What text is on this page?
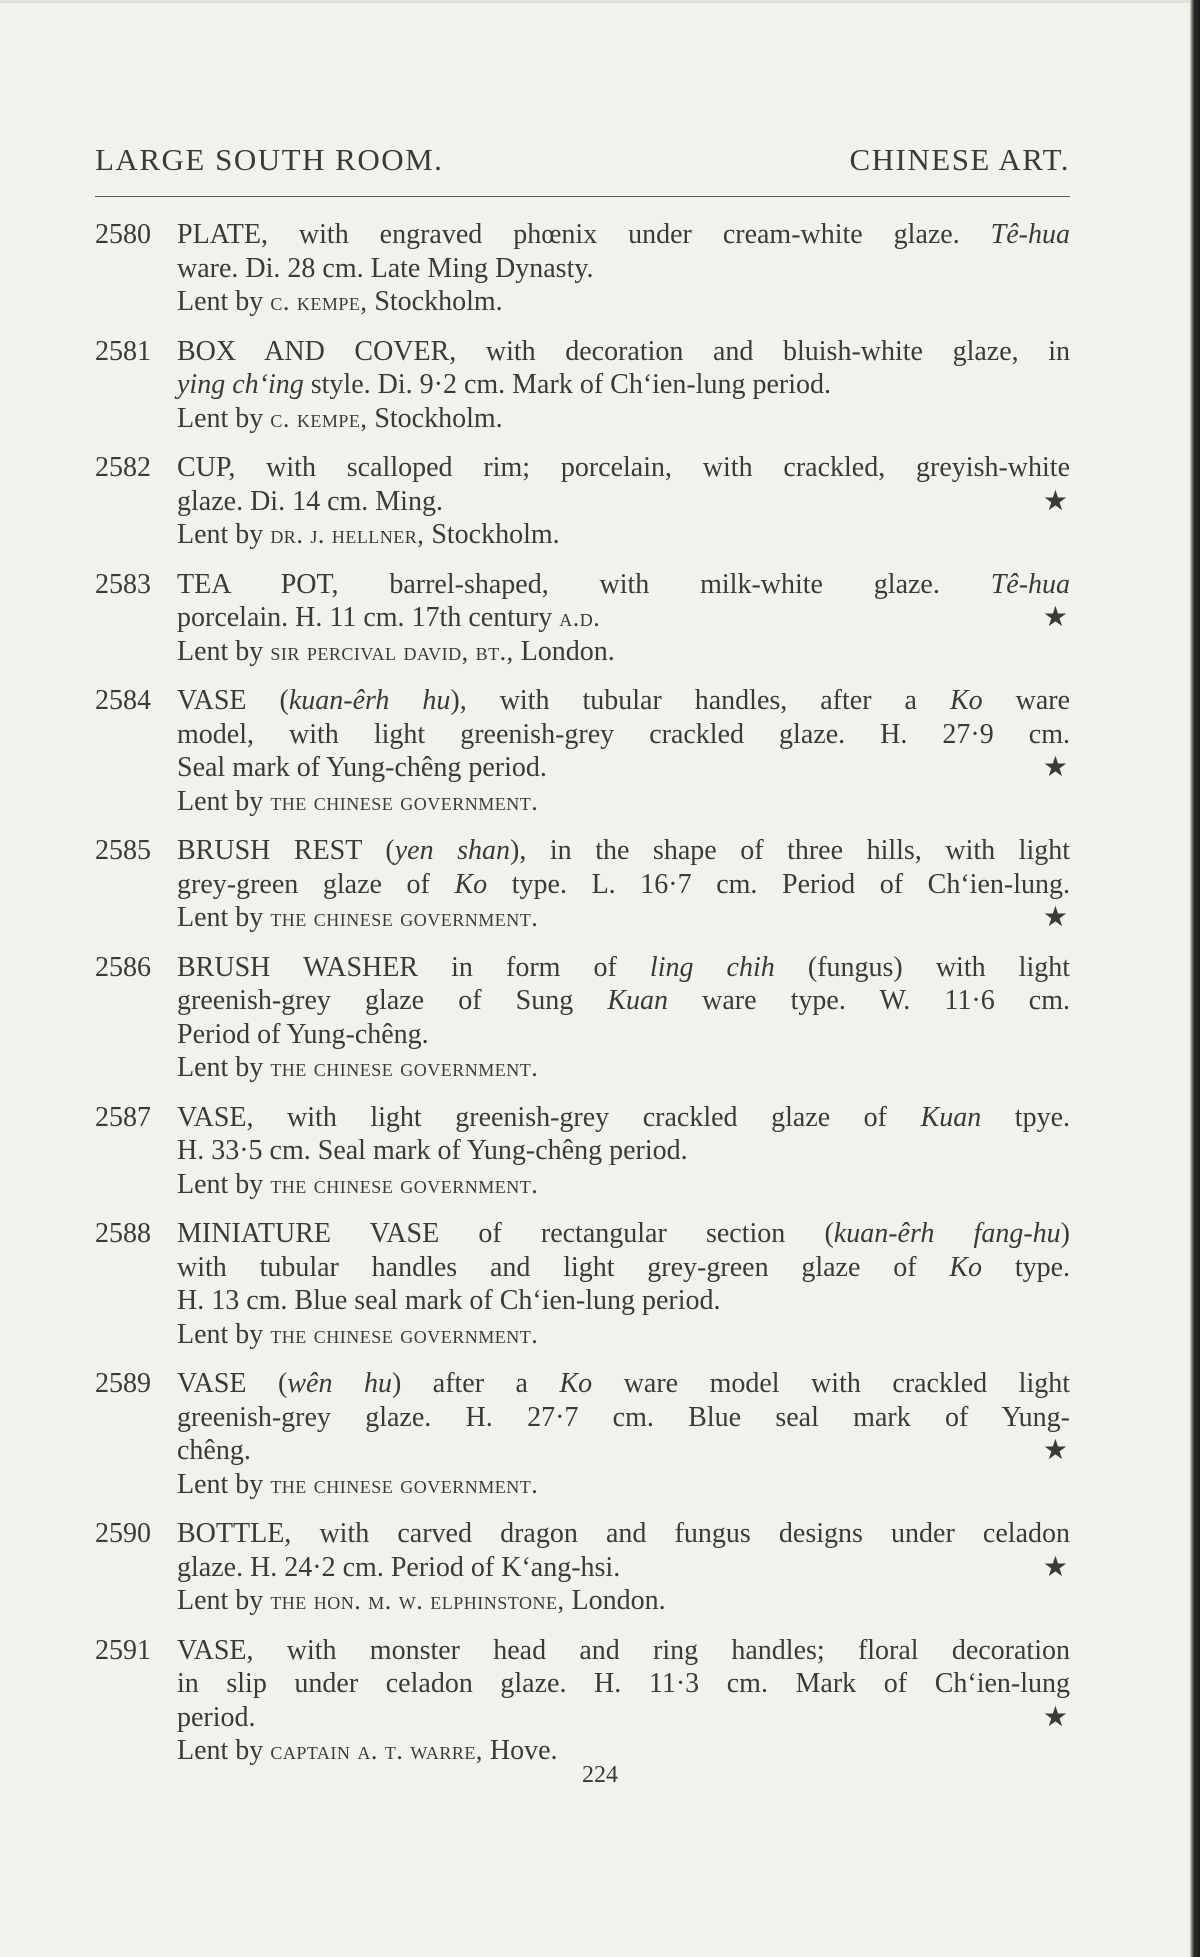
LARGE SOUTH ROOM.	CHINESE ART.
2580 PLATE, with engraved phœnix under cream-white glaze. Tê-hua
ware. Di. 28 cm. Late Ming Dynasty.
Lent by c. kempe, Stockholm.
2581 BOX AND COVER, with decoration and bluish-white glaze, in
ying ch‘ing style. Di. 9·2 cm. Mark of Ch‘ien-lung period.
Lent by c. kempe, Stockholm.
2582 CUP, with scalloped rim; porcelain, with crackled, greyish-white
glaze. Di. 14 cm. Ming.	★
Lent by dr. j. hellner, Stockholm.
2583 TEA POT, barrel-shaped, with milk-white glaze. Tê-hua
porcelain. H. 11 cm. 17th century a.d.	★
Lent by sir percival david, bt., London.
2584 VASE (kuan-êrh hu), with tubular handles, after a Ko ware
model, with light greenish-grey crackled glaze. H. 27·9 cm.
Seal mark of Yung-chêng period.	★
Lent by the chinese government.
2585 BRUSH REST (yen shan), in the shape of three hills, with light
grey-green glaze of Ko type. L. 16·7 cm. Period of Ch‘ien-lung.
Lent by the chinese government.	★
2586 BRUSH WASHER in form of ling chih (fungus) with light
greenish-grey glaze of Sung Kuan ware type. W. 11·6 cm.
Period of Yung-chêng.
Lent by the chinese government.
2587 VASE, with light greenish-grey crackled glaze of Kuan tpye.
H. 33·5 cm. Seal mark of Yung-chêng period.
Lent by the chinese government.
2588 MINIATURE VASE of rectangular section (kuan-êrh fang-hu)
with tubular handles and light grey-green glaze of Ko type.
H. 13 cm. Blue seal mark of Ch‘ien-lung period.
Lent by the chinese government.
2589 VASE (wên hu) after a Ko ware model with crackled light
greenish-grey glaze. H. 27·7 cm. Blue seal mark of Yung-
chêng.	★
Lent by the chinese government.
2590 BOTTLE, with carved dragon and fungus designs under celadon
glaze. H. 24·2 cm. Period of K‘ang-hsi.	★
Lent by the hon. m. w. elphinstone, London.
2591 VASE, with monster head and ring handles; floral decoration
in slip under celadon glaze. H. 11·3 cm. Mark of Ch‘ien-lung
period.	★
Lent by captain a. t. warre, Hove.
224
